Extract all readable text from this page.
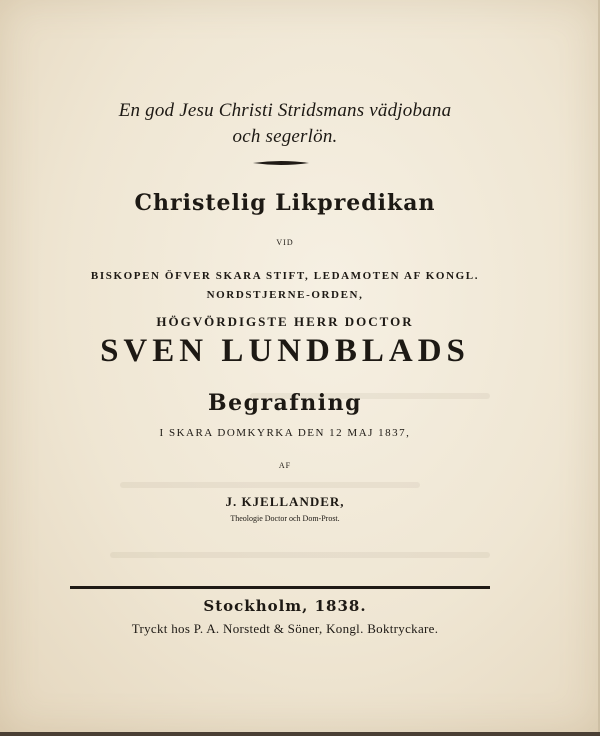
En god Jesu Christi Stridsmans vädjobana
och segerlön.
Christelig Likpredikan
VID
BISKOPEN ÖFVER SKARA STIFT, LEDAMOTEN AF KONGL.
NORDSTJERNE-ORDEN,
HÖGVÖRDIGSTE HERR DOCTOR
SVEN LUNDBLADS
Begrafning
I SKARA DOMKYRKA DEN 12 MAJ 1837,
AF
J. KJELLANDER,
Theologie Doctor och Dom-Prost.
Stockholm, 1838.
Tryckt hos P. A. Norstedt & Söner, Kongl. Boktryckare.
